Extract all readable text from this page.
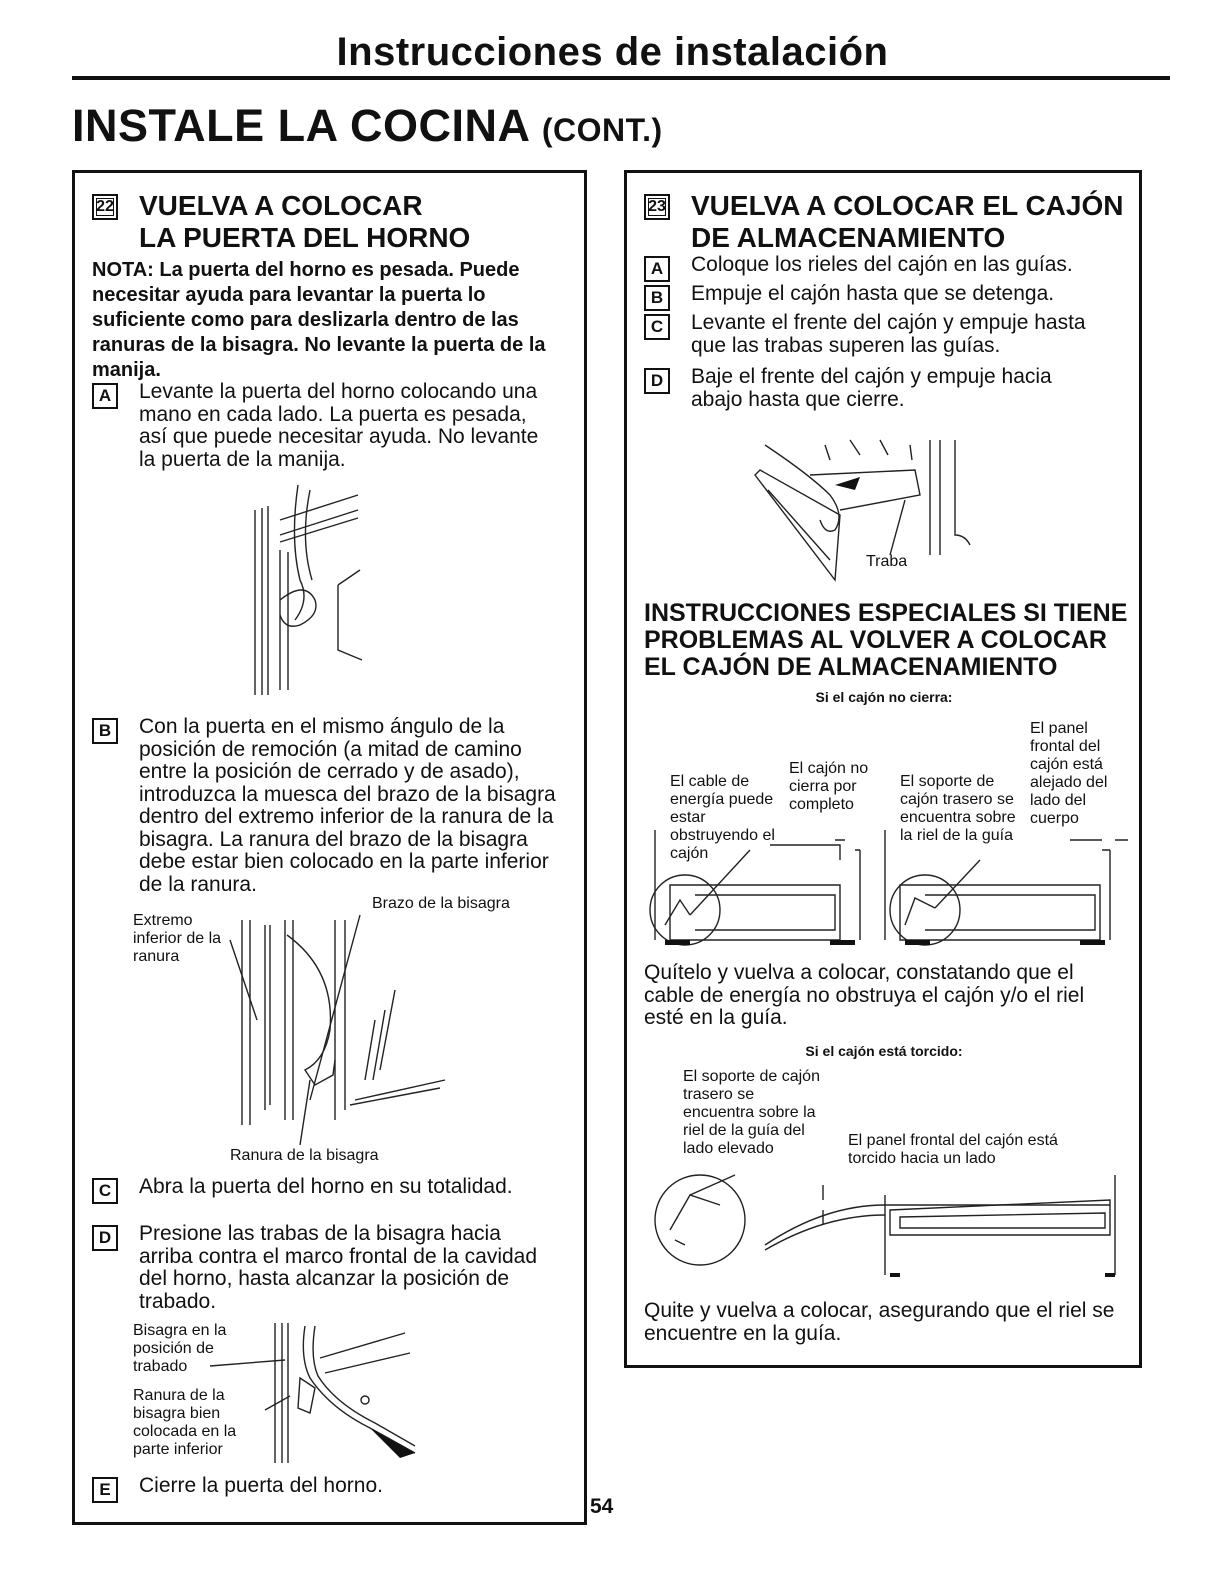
Instrucciones de instalación
INSTALE LA COCINA (CONT.)
22 VUELVA A COLOCAR
LA PUERTA DEL HORNO
NOTA: La puerta del horno es pesada. Puede necesitar ayuda para levantar la puerta lo suficiente como para deslizarla dentro de las ranuras de la bisagra. No levante la puerta de la manija.
A	Levante la puerta del horno colocando una mano en cada lado. La puerta es pesada, así que puede necesitar ayuda. No levante la puerta de la manija.
B	Con la puerta en el mismo ángulo de la posición de remoción (a mitad de camino entre la posición de cerrado y de asado), introduzca la muesca del brazo de la bisagra dentro del extremo inferior de la ranura de la bisagra. La ranura del brazo de la bisagra debe estar bien colocado en la parte inferior de la ranura.
Brazo de la bisagra
Extremo inferior de la ranura
Ranura de la bisagra
C	Abra la puerta del horno en su totalidad.
D	Presione las trabas de la bisagra hacia arriba contra el marco frontal de la cavidad del horno, hasta alcanzar la posición de trabado.
Bisagra en la posición de trabado
Ranura de la bisagra bien colocada en la parte inferior
E	Cierre la puerta del horno.
54
23 VUELVA A COLOCAR EL CAJÓN
DE ALMACENAMIENTO
A	Coloque los rieles del cajón en las guías.
B	Empuje el cajón hasta que se detenga.
C	Levante el frente del cajón y empuje hasta que las trabas superen las guías.
D	Baje el frente del cajón y empuje hacia abajo hasta que cierre.
Traba
INSTRUCCIONES ESPECIALES SI TIENE PROBLEMAS AL VOLVER A COLOCAR EL CAJÓN DE ALMACENAMIENTO
Si el cajón no cierra:
El cable de energía puede estar obstruyendo el cajón
El cajón no cierra por completo
El soporte de cajón trasero se encuentra sobre la riel de la guía
El panel frontal del cajón está alejado del lado del cuerpo
Quítelo y vuelva a colocar, constatando que el cable de energía no obstruya el cajón y/o el riel esté en la guía.
Si el cajón está torcido:
El soporte de cajón trasero se encuentra sobre la riel de la guía del lado elevado	El panel frontal del cajón está torcido hacia un lado
Quite y vuelva a colocar, asegurando que el riel se encuentre en la guía.
